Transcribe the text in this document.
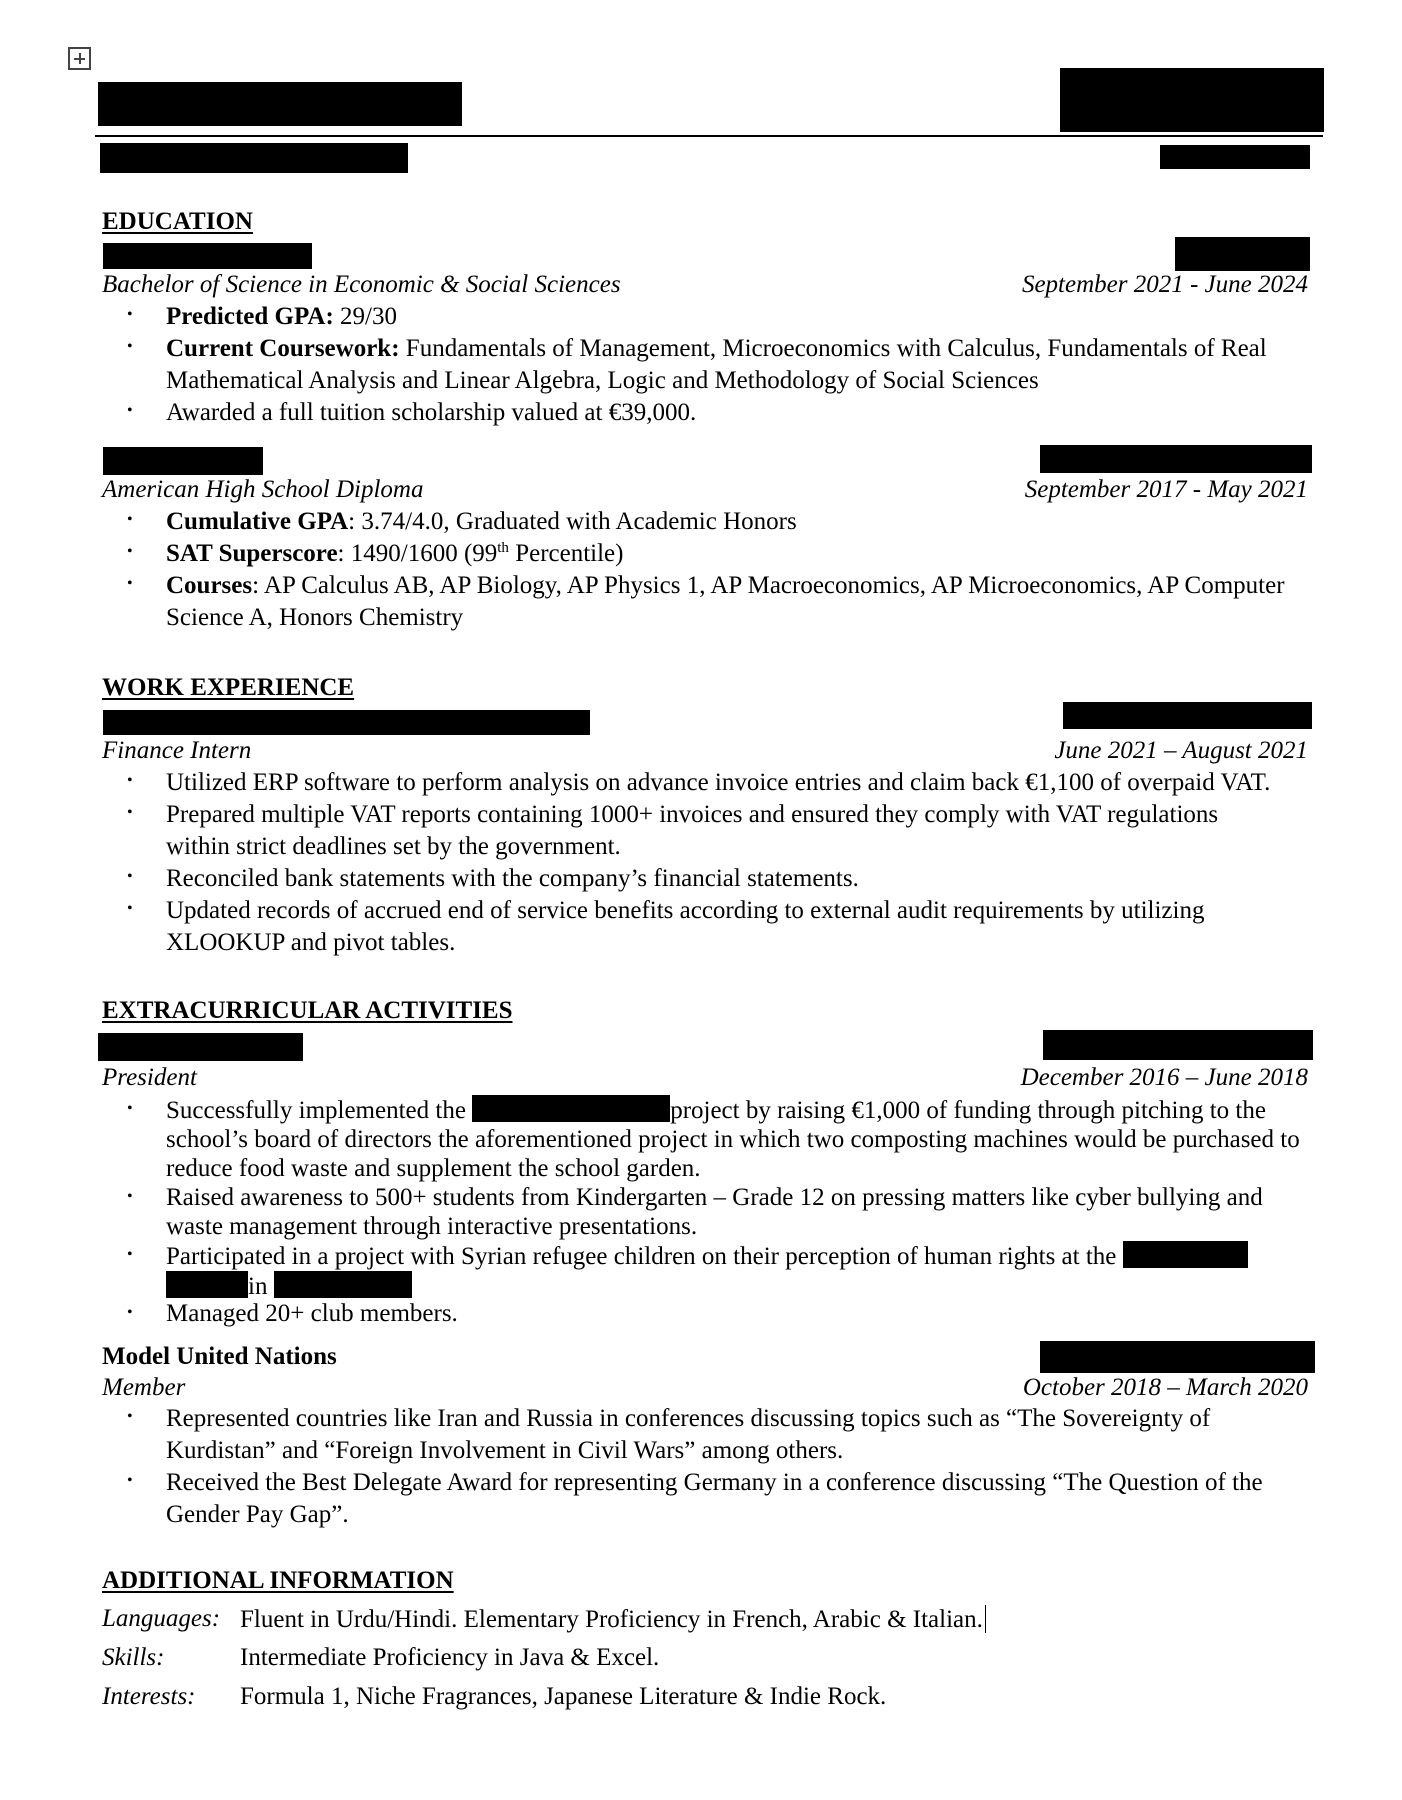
EDUCATION
Bachelor of Science in Economic & Social Sciences	September 2021 - June 2024
• Predicted GPA: 29/30
• Current Coursework: Fundamentals of Management, Microeconomics with Calculus, Fundamentals of Real Mathematical Analysis and Linear Algebra, Logic and Methodology of Social Sciences
• Awarded a full tuition scholarship valued at €39,000.
American High School Diploma	September 2017 - May 2021
• Cumulative GPA: 3.74/4.0, Graduated with Academic Honors
• SAT Superscore: 1490/1600 (99th Percentile)
• Courses: AP Calculus AB, AP Biology, AP Physics 1, AP Macroeconomics, AP Microeconomics, AP Computer Science A, Honors Chemistry
WORK EXPERIENCE
Finance Intern	June 2021 – August 2021
• Utilized ERP software to perform analysis on advance invoice entries and claim back €1,100 of overpaid VAT.
• Prepared multiple VAT reports containing 1000+ invoices and ensured they comply with VAT regulations within strict deadlines set by the government.
• Reconciled bank statements with the company’s financial statements.
• Updated records of accrued end of service benefits according to external audit requirements by utilizing XLOOKUP and pivot tables.
EXTRACURRICULAR ACTIVITIES
President	December 2016 – June 2018
• Successfully implemented the	project by raising €1,000 of funding through pitching to the school’s board of directors the aforementioned project in which two composting machines would be purchased to reduce food waste and supplement the school garden.
• Raised awareness to 500+ students from Kindergarten – Grade 12 on pressing matters like cyber bullying and waste management through interactive presentations.
• Participated in a project with Syrian refugee children on their perception of human rights at the
in
• Managed 20+ club members.
Model United Nations
Member	October 2018 – March 2020
• Represented countries like Iran and Russia in conferences discussing topics such as “The Sovereignty of Kurdistan” and “Foreign Involvement in Civil Wars” among others.
• Received the Best Delegate Award for representing Germany in a conference discussing “The Question of the Gender Pay Gap”.
ADDITIONAL INFORMATION
Languages: Fluent in Urdu/Hindi. Elementary Proficiency in French, Arabic & Italian.
Skills:	Intermediate Proficiency in Java & Excel.
Interests: Formula 1, Niche Fragrances, Japanese Literature & Indie Rock.
